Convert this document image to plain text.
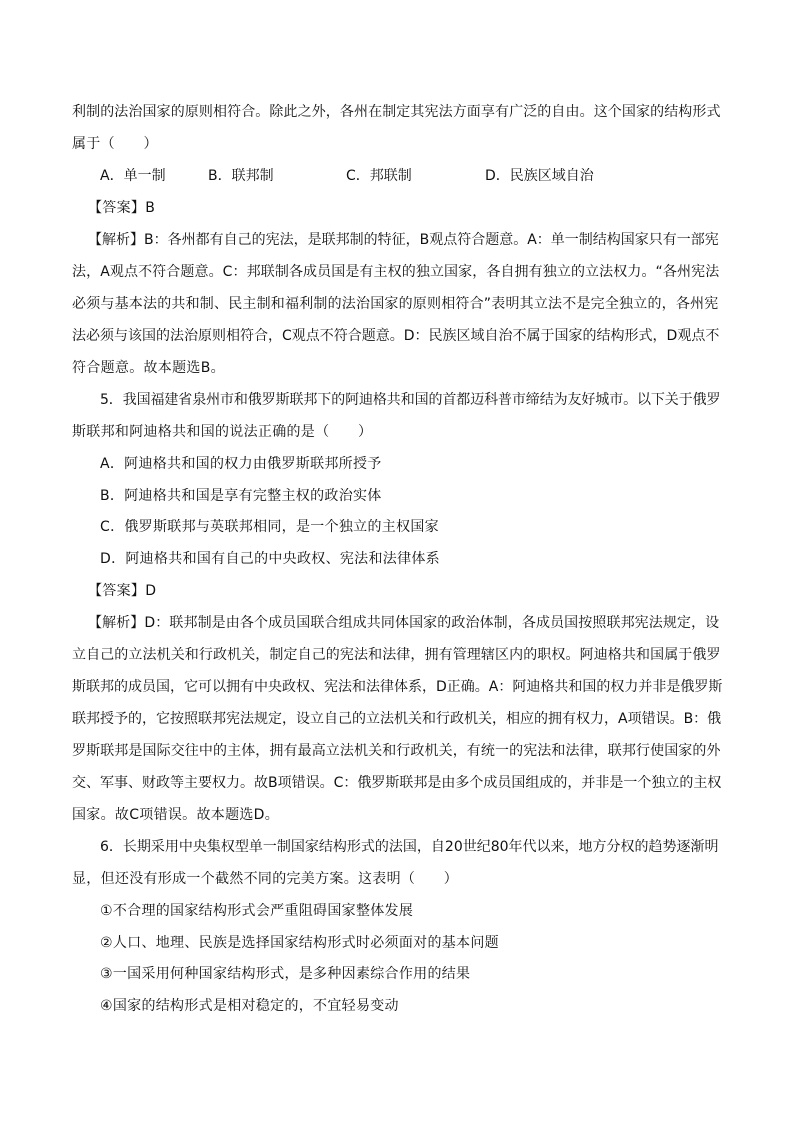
利制的法治国家的原则相符合。除此之外，各州在制定其宪法方面享有广泛的自由。这个国家的结构形式
属于（　　）
A．单一制	B．联邦制	C．邦联制	D．民族区域自治
【答案】B
【解析】B：各州都有自己的宪法，是联邦制的特征，B观点符合题意。A：单一制结构国家只有一部宪
法，A观点不符合题意。C：邦联制各成员国是有主权的独立国家，各自拥有独立的立法权力。“各州宪法
必须与基本法的共和制、民主制和福利制的法治国家的原则相符合”表明其立法不是完全独立的，各州宪
法必须与该国的法治原则相符合，C观点不符合题意。D：民族区域自治不属于国家的结构形式，D观点不
符合题意。故本题选B。
5．我国福建省泉州市和俄罗斯联邦下的阿迪格共和国的首都迈科普市缔结为友好城市。以下关于俄罗
斯联邦和阿迪格共和国的说法正确的是（　　）
A．阿迪格共和国的权力由俄罗斯联邦所授予
B．阿迪格共和国是享有完整主权的政治实体
C．俄罗斯联邦与英联邦相同，是一个独立的主权国家
D．阿迪格共和国有自己的中央政权、宪法和法律体系
【答案】D
【解析】D：联邦制是由各个成员国联合组成共同体国家的政治体制，各成员国按照联邦宪法规定，设
立自己的立法机关和行政机关，制定自己的宪法和法律，拥有管理辖区内的职权。阿迪格共和国属于俄罗
斯联邦的成员国，它可以拥有中央政权、宪法和法律体系，D正确。A：阿迪格共和国的权力并非是俄罗斯
联邦授予的，它按照联邦宪法规定，设立自己的立法机关和行政机关，相应的拥有权力，A项错误。B：俄
罗斯联邦是国际交往中的主体，拥有最高立法机关和行政机关，有统一的宪法和法律，联邦行使国家的外
交、军事、财政等主要权力。故B项错误。C：俄罗斯联邦是由多个成员国组成的，并非是一个独立的主权
国家。故C项错误。故本题选D。
6．长期采用中央集权型单一制国家结构形式的法国，自20世纪80年代以来，地方分权的趋势逐渐明
显，但还没有形成一个截然不同的完美方案。这表明（　　）
①不合理的国家结构形式会严重阻碍国家整体发展
②人口、地理、民族是选择国家结构形式时必须面对的基本问题
③一国采用何种国家结构形式，是多种因素综合作用的结果
④国家的结构形式是相对稳定的，不宜轻易变动
